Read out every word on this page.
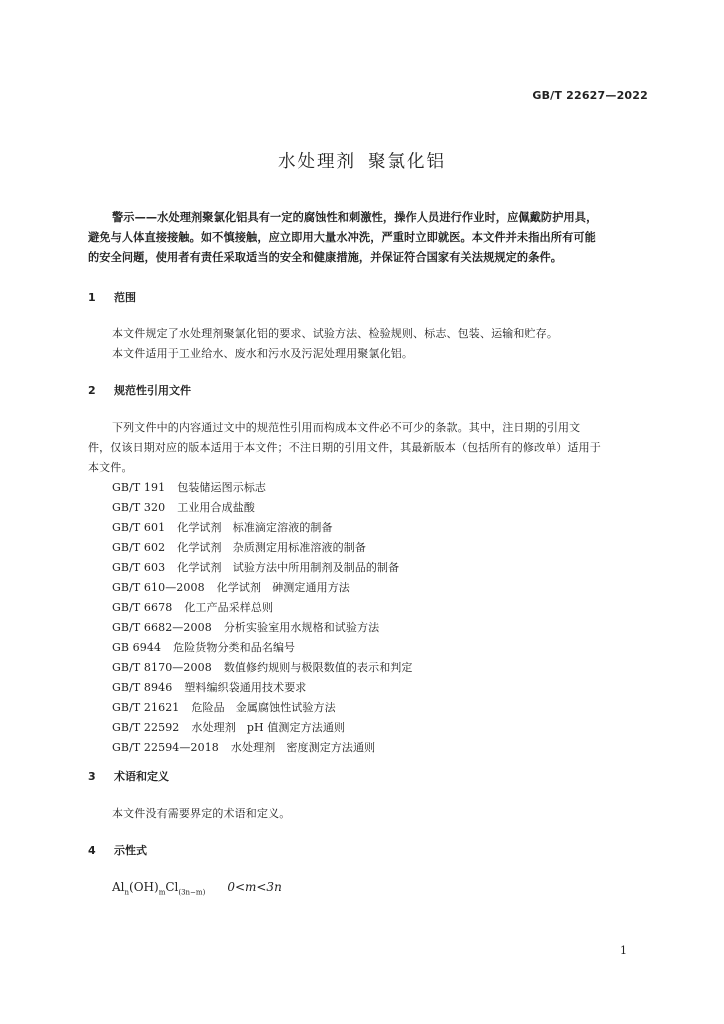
GB/T 22627—2022
水处理剂 聚氯化铝
警示——水处理剂聚氯化铝具有一定的腐蚀性和刺激性，操作人员进行作业时，应佩戴防护用具，
避免与人体直接接触。如不慎接触，应立即用大量水冲洗，严重时立即就医。本文件并未指出所有可能
的安全问题，使用者有责任采取适当的安全和健康措施，并保证符合国家有关法规规定的条件。
1 范围
本文件规定了水处理剂聚氯化铝的要求、试验方法、检验规则、标志、包装、运输和贮存。
本文件适用于工业给水、废水和污水及污泥处理用聚氯化铝。
2 规范性引用文件
下列文件中的内容通过文中的规范性引用而构成本文件必不可少的条款。其中，注日期的引用文
件，仅该日期对应的版本适用于本文件；不注日期的引用文件，其最新版本（包括所有的修改单）适用于
本文件。
GB/T 191 包装储运图示标志
GB/T 320 工业用合成盐酸
GB/T 601 化学试剂　标准滴定溶液的制备
GB/T 602 化学试剂　杂质测定用标准溶液的制备
GB/T 603 化学试剂　试验方法中所用制剂及制品的制备
GB/T 610—2008 化学试剂　砷测定通用方法
GB/T 6678 化工产品采样总则
GB/T 6682—2008 分析实验室用水规格和试验方法
GB 6944 危险货物分类和品名编号
GB/T 8170—2008 数值修约规则与极限数值的表示和判定
GB/T 8946 塑料编织袋通用技术要求
GB/T 21621 危险品　金属腐蚀性试验方法
GB/T 22592 水处理剂　pH 值测定方法通则
GB/T 22594—2018 水处理剂　密度测定方法通则
3 术语和定义
本文件没有需要界定的术语和定义。
4 示性式
$Al_n(OH)_mCl_{(3n-m)}$ 0<m<3n
1
